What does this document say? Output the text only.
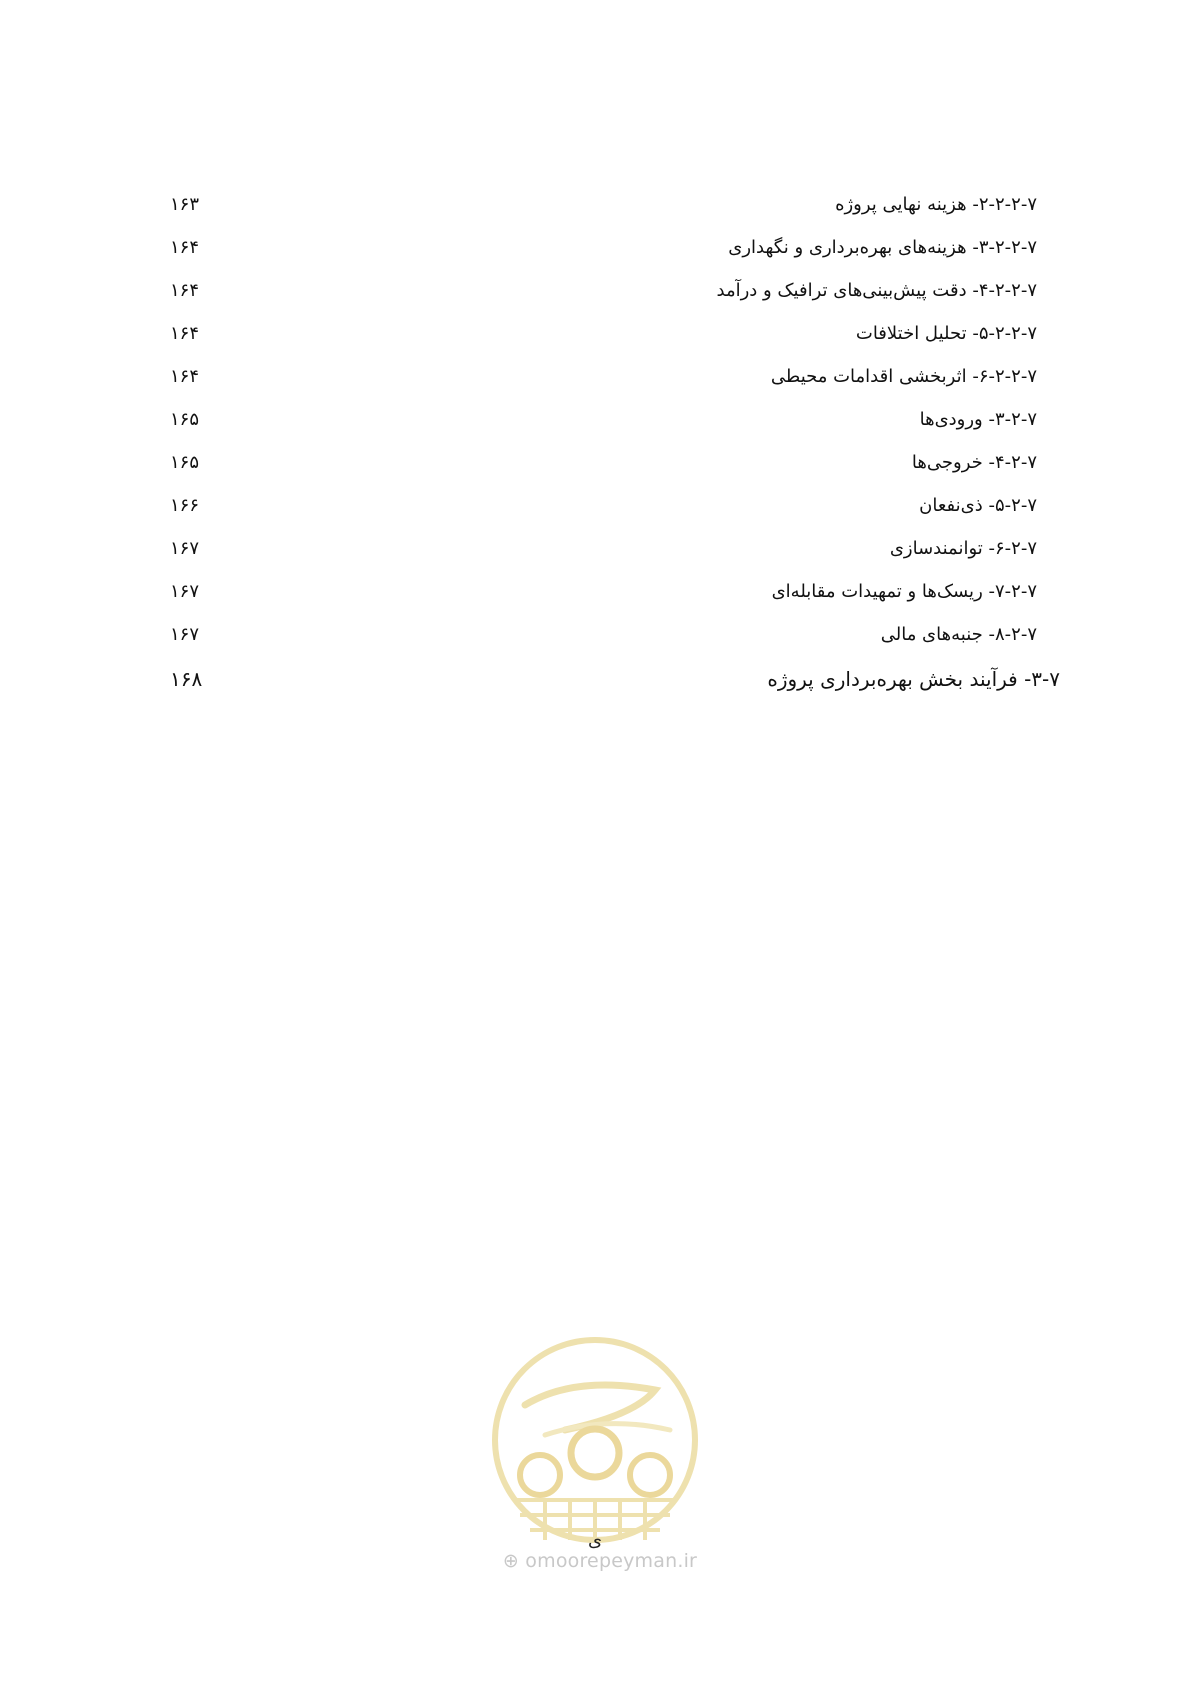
۲-۲-۲-۷- هزینه نهایی پروژه
۱۶۳
۳-۲-۲-۷- هزینه‌های بهره‌برداری و نگهداری
۱۶۴
۴-۲-۲-۷- دقت پیش‌بینی‌های ترافیک و درآمد
۱۶۴
۵-۲-۲-۷- تحلیل اختلافات
۱۶۴
۶-۲-۲-۷- اثربخشی اقدامات محیطی
۱۶۴
۳-۲-۷- ورودی‌ها
۱۶۵
۴-۲-۷- خروجی‌ها
۱۶۵
۵-۲-۷- ذی‌نفعان
۱۶۶
۶-۲-۷- توانمندسازی
۱۶۷
۷-۲-۷- ریسک‌ها و تمهیدات مقابله‌ای
۱۶۷
۸-۲-۷- جنبه‌های مالی
۱۶۷
۳-۷- فرآیند بخش بهره‌برداری پروژه
۱۶۸
ی
⊕ omoorepeyman.ir
